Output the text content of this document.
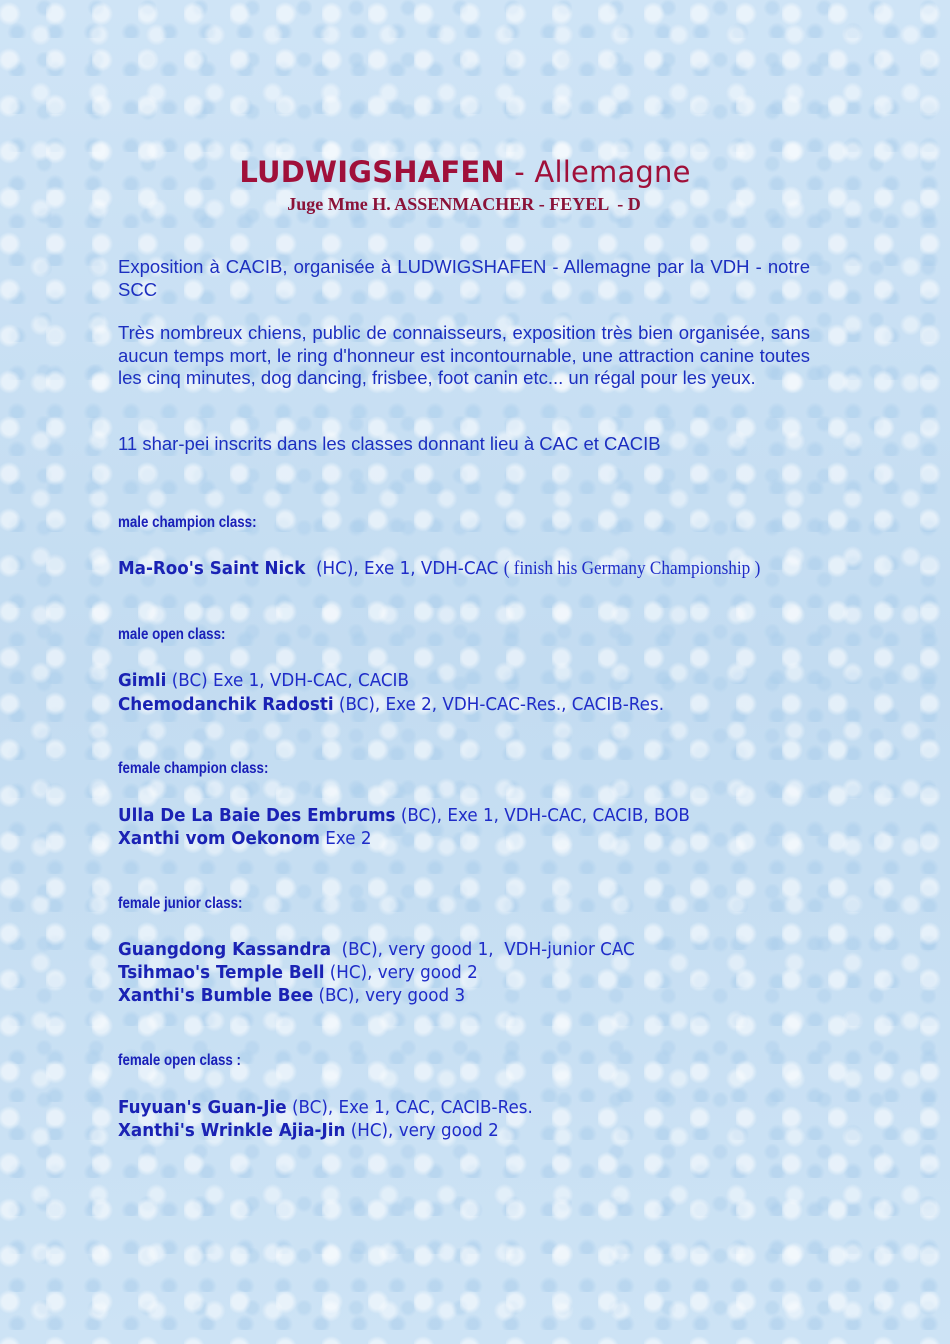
LUDWIGSHAFEN - Allemagne
Juge Mme H. ASSENMACHER - FEYEL  - D

Exposition à CACIB, organisée à LUDWIGSHAFEN - Allemagne par la VDH - notre SCC

Très nombreux chiens, public de connaisseurs, exposition très bien organisée, sans aucun temps mort, le ring d'honneur est incontournable, une attraction canine toutes les cinq minutes, dog dancing, frisbee, foot canin etc... un régal pour les yeux.

11 shar-pei inscrits dans les classes donnant lieu à CAC et CACIB

male champion class:

Ma-Roo's Saint Nick  (HC), Exe 1, VDH-CAC ( finish his Germany Championship )

male open class:

Gimli (BC) Exe 1, VDH-CAC, CACIB

Chemodanchik Radosti (BC), Exe 2, VDH-CAC-Res., CACIB-Res.

female champion class:

Ulla De La Baie Des Embrums (BC), Exe 1, VDH-CAC, CACIB, BOB

Xanthi vom Oekonom Exe 2

female junior class:

Guangdong Kassandra  (BC), very good 1,  VDH-junior CAC

Tsihmao's Temple Bell (HC), very good 2

Xanthi's Bumble Bee (BC), very good 3

female open class :

Fuyuan's Guan-Jie (BC), Exe 1, CAC, CACIB-Res.

Xanthi's Wrinkle Ajia-Jin (HC), very good 2
